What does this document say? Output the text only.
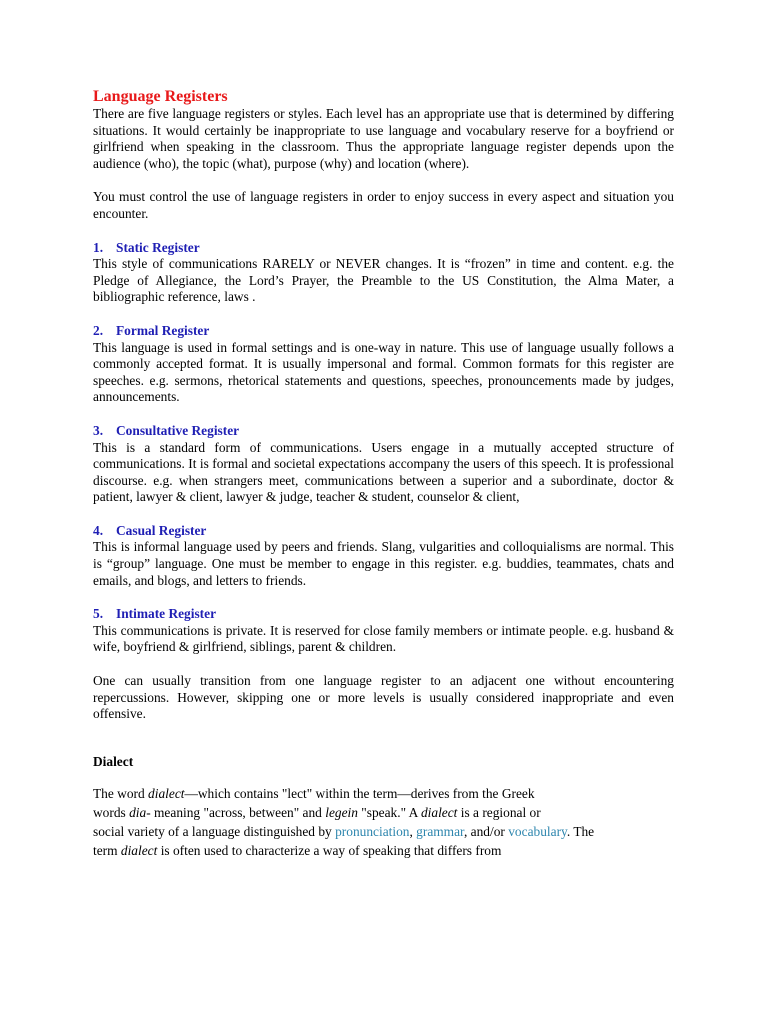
Language Registers

There are five language registers or styles. Each level has an appropriate use that is determined by differing situations. It would certainly be inappropriate to use language and vocabulary reserve for a boyfriend or girlfriend when speaking in the classroom. Thus the appropriate language register depends upon the audience (who), the topic (what), purpose (why) and location (where).

You must control the use of language registers in order to enjoy success in every aspect and situation you encounter.

1. Static Register

This style of communications RARELY or NEVER changes. It is “frozen” in time and content. e.g. the Pledge of Allegiance, the Lord’s Prayer, the Preamble to the US Constitution, the Alma Mater, a bibliographic reference, laws .

2. Formal Register

This language is used in formal settings and is one-way in nature. This use of language usually follows a commonly accepted format. It is usually impersonal and formal. Common formats for this register are speeches. e.g. sermons, rhetorical statements and questions, speeches, pronouncements made by judges, announcements.

3. Consultative Register

This is a standard form of communications. Users engage in a mutually accepted structure of communications. It is formal and societal expectations accompany the users of this speech. It is professional discourse. e.g. when strangers meet, communications between a superior and a subordinate, doctor & patient, lawyer & client, lawyer & judge, teacher & student, counselor & client,

4. Casual Register

This is informal language used by peers and friends. Slang, vulgarities and colloquialisms are normal. This is “group” language. One must be member to engage in this register. e.g. buddies, teammates, chats and emails, and blogs, and letters to friends.

5. Intimate Register

This communications is private. It is reserved for close family members or intimate people. e.g. husband & wife, boyfriend & girlfriend, siblings, parent & children.

One can usually transition from one language register to an adjacent one without encountering repercussions. However, skipping one or more levels is usually considered inappropriate and even offensive.

Dialect
The word dialect—which contains "lect" within the term—derives from the Greek
words dia- meaning "across, between" and legein "speak." A dialect is a regional or
social variety of a language distinguished by pronunciation, grammar, and/or vocabulary. The
term dialect is often used to characterize a way of speaking that differs from
